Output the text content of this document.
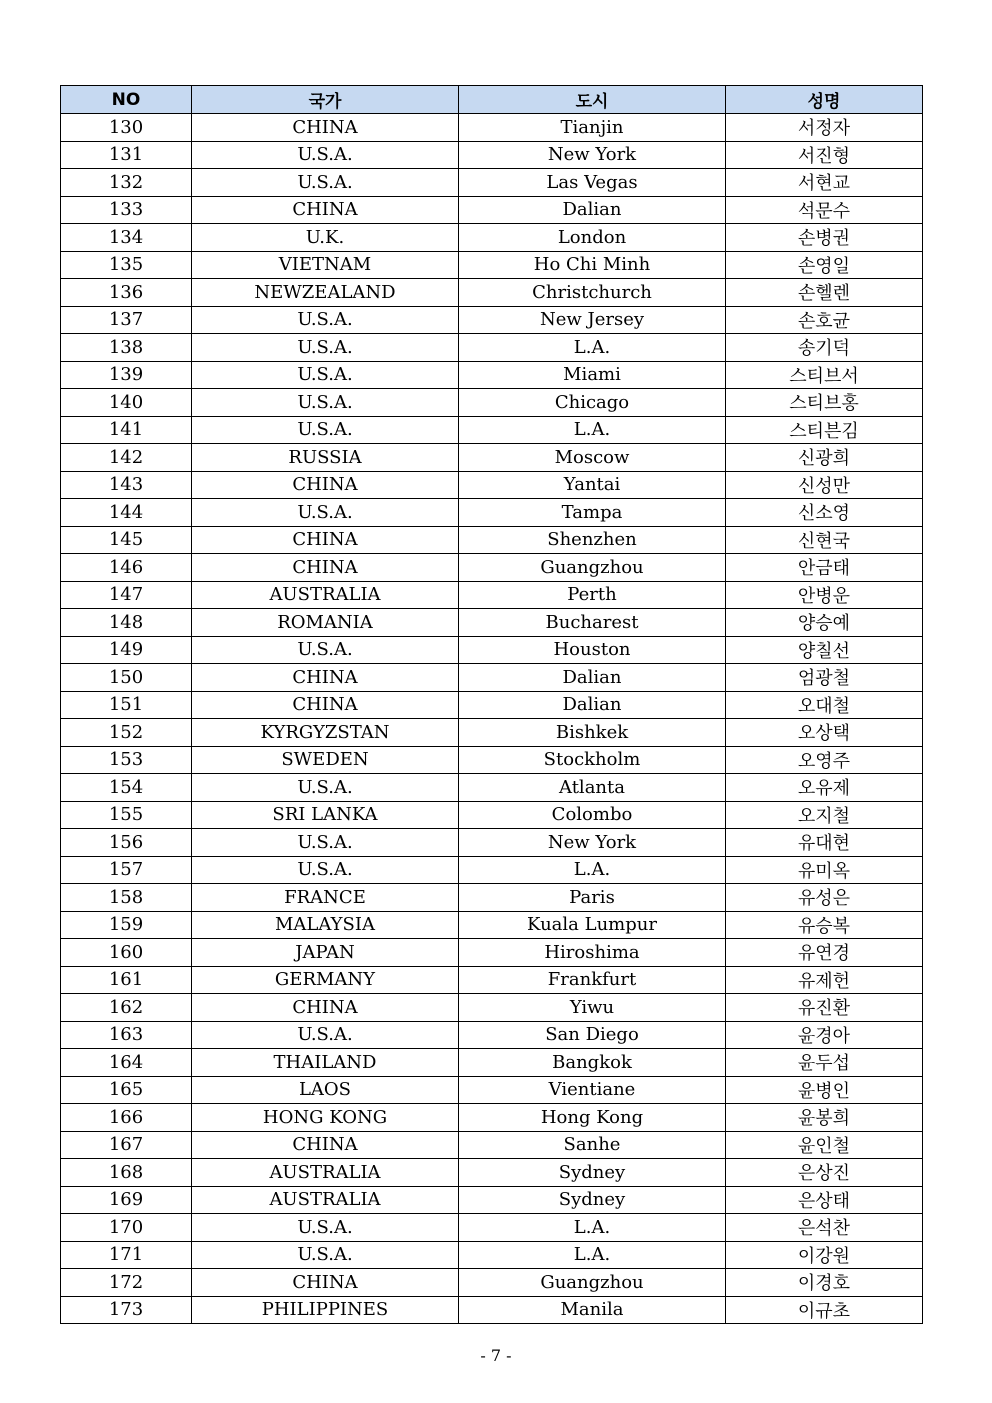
NO	국가	도시	성명
130	CHINA	Tianjin	서정자
131	U.S.A.	New York	서진형
132	U.S.A.	Las Vegas	서현교
133	CHINA	Dalian	석문수
134	U.K.	London	손병권
135	VIETNAM	Ho Chi Minh	손영일
136	NEWZEALAND	Christchurch	손헬렌
137	U.S.A.	New Jersey	손호균
138	U.S.A.	L.A.	송기덕
139	U.S.A.	Miami	스티브서
140	U.S.A.	Chicago	스티브홍
141	U.S.A.	L.A.	스티븐김
142	RUSSIA	Moscow	신광희
143	CHINA	Yantai	신성만
144	U.S.A.	Tampa	신소영
145	CHINA	Shenzhen	신현국
146	CHINA	Guangzhou	안금태
147	AUSTRALIA	Perth	안병운
148	ROMANIA	Bucharest	양승예
149	U.S.A.	Houston	양칠선
150	CHINA	Dalian	엄광철
151	CHINA	Dalian	오대철
152	KYRGYZSTAN	Bishkek	오상택
153	SWEDEN	Stockholm	오영주
154	U.S.A.	Atlanta	오유제
155	SRI LANKA	Colombo	오지철
156	U.S.A.	New York	유대현
157	U.S.A.	L.A.	유미옥
158	FRANCE	Paris	유성은
159	MALAYSIA	Kuala Lumpur	유승복
160	JAPAN	Hiroshima	유연경
161	GERMANY	Frankfurt	유제헌
162	CHINA	Yiwu	유진환
163	U.S.A.	San Diego	윤경아
164	THAILAND	Bangkok	윤두섭
165	LAOS	Vientiane	윤병인
166	HONG KONG	Hong Kong	윤봉희
167	CHINA	Sanhe	윤인철
168	AUSTRALIA	Sydney	은상진
169	AUSTRALIA	Sydney	은상태
170	U.S.A.	L.A.	은석찬
171	U.S.A.	L.A.	이강원
172	CHINA	Guangzhou	이경호
173	PHILIPPINES	Manila	이규초
- 7 -
